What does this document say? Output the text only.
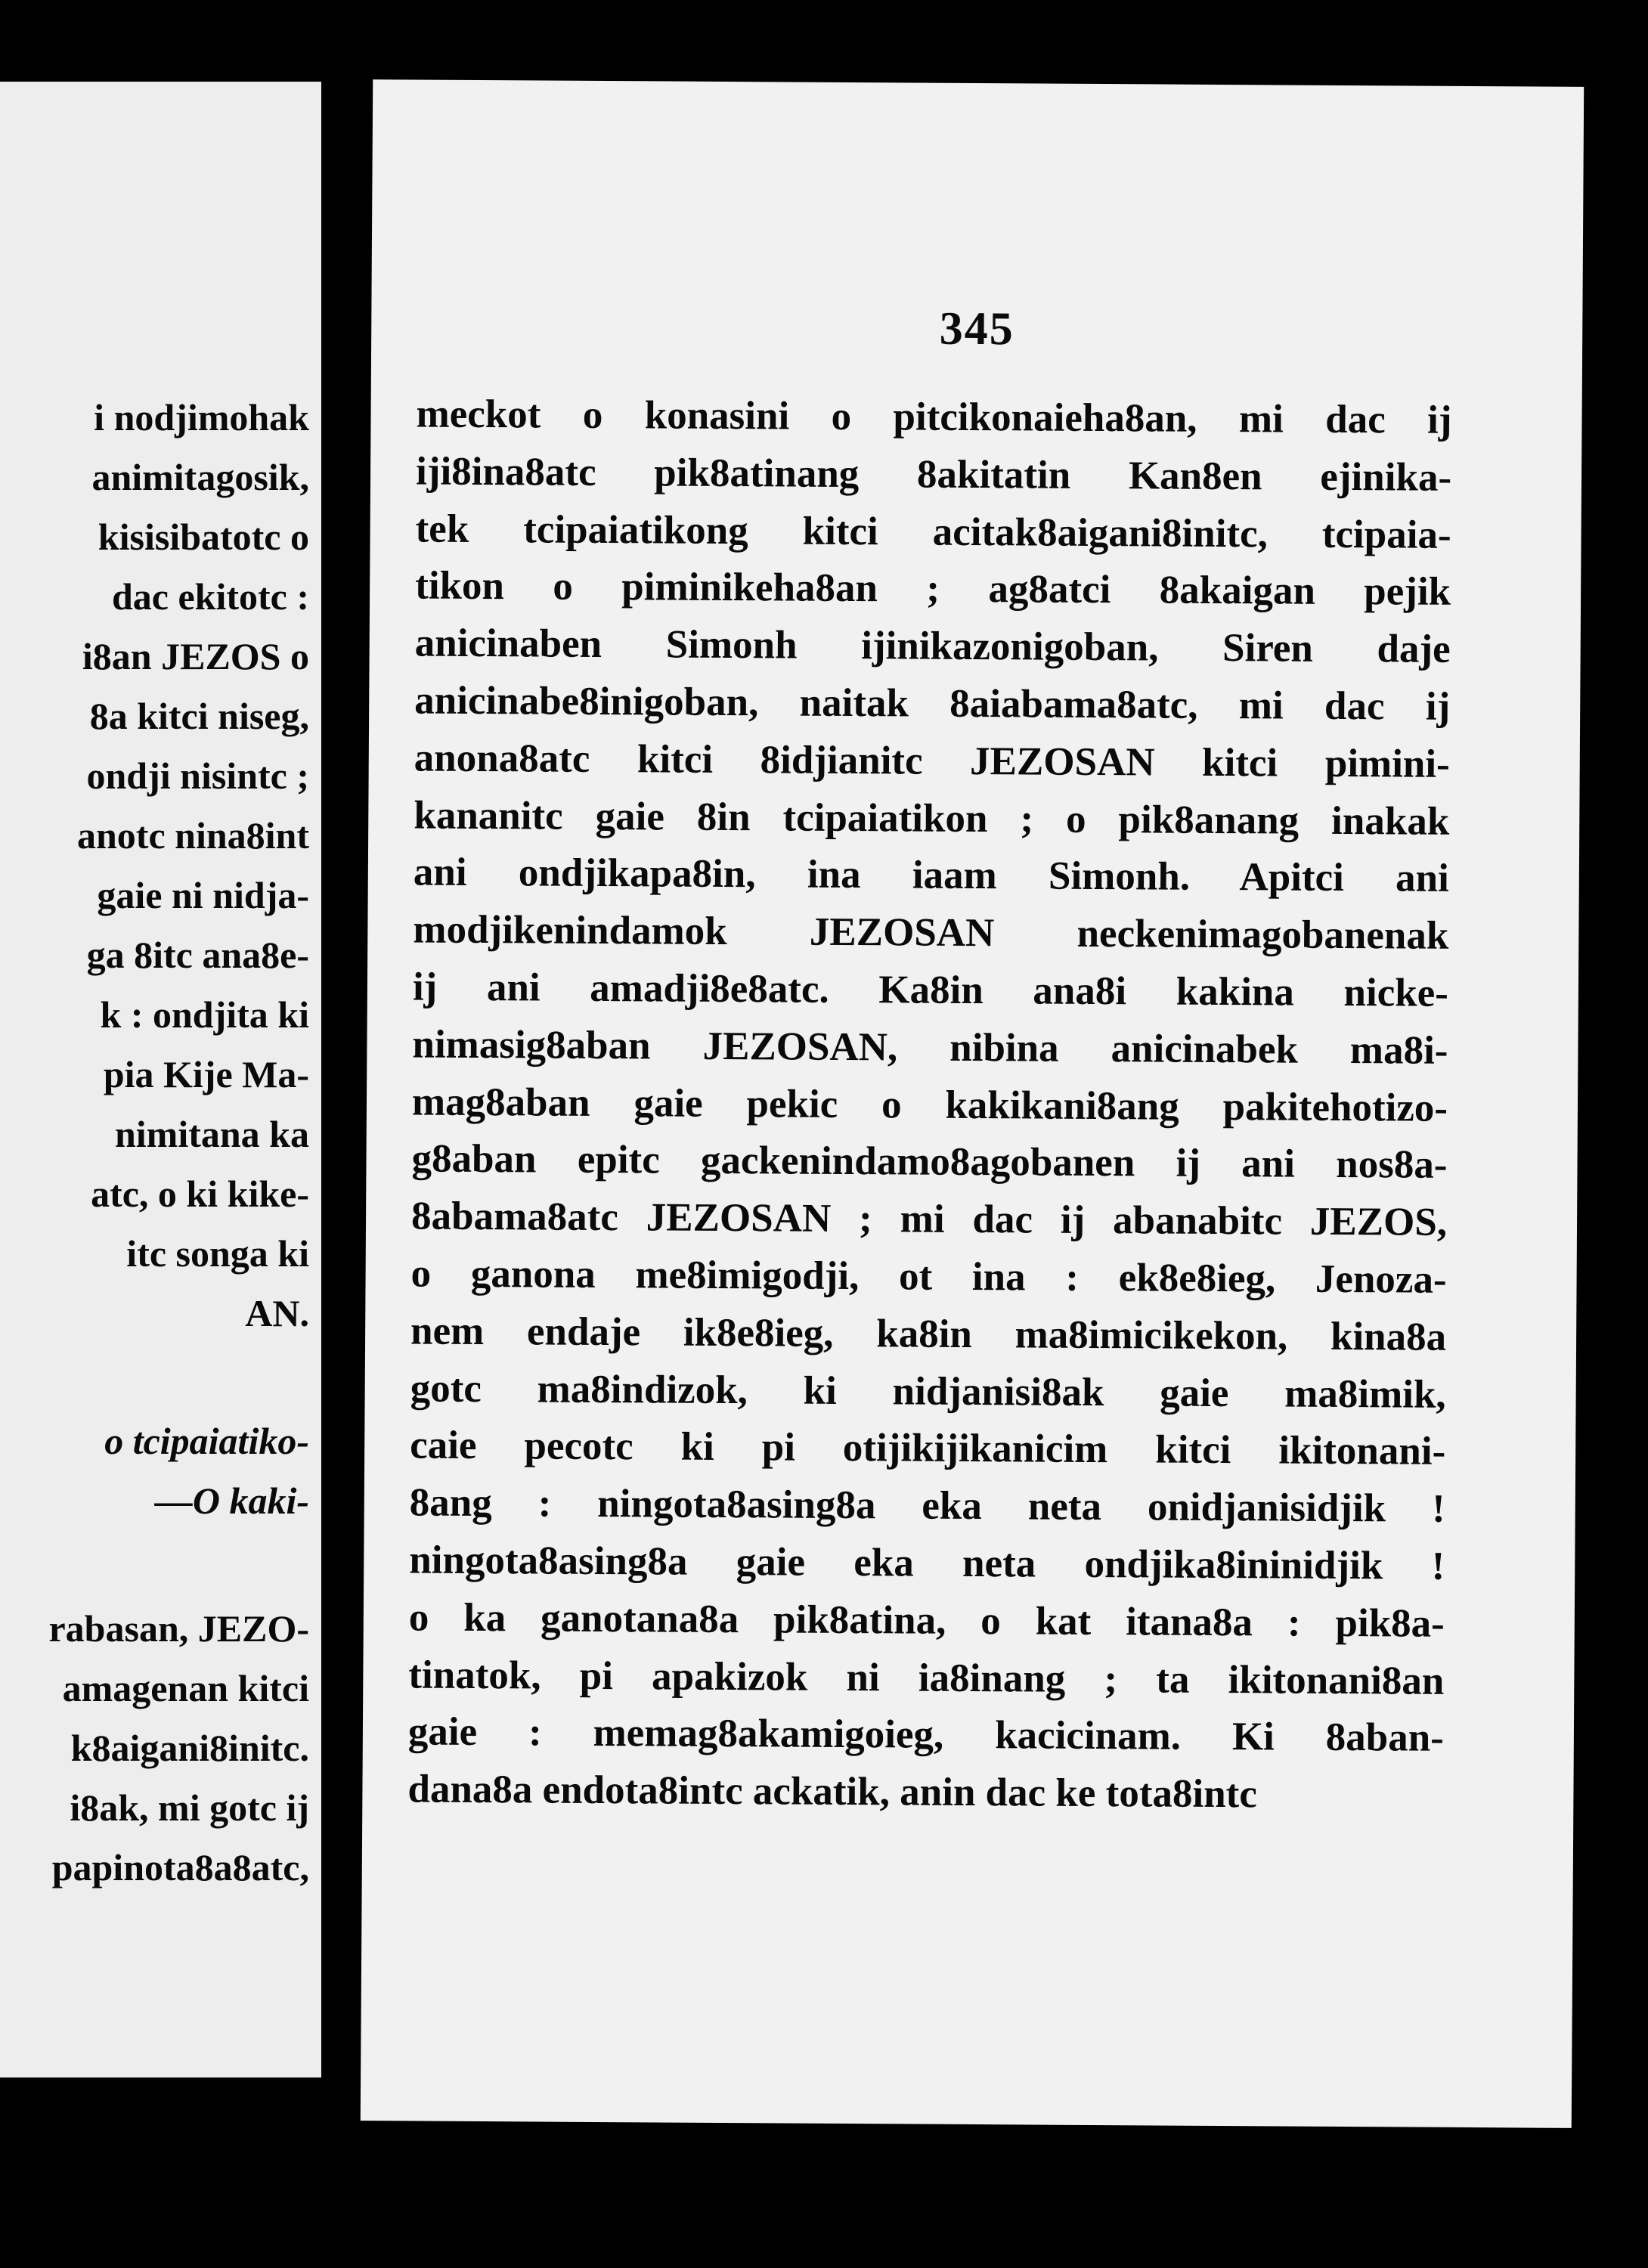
i nodjimohak
animitagosik,
kisisibatotc o
dac ekitotc :
i8an JEZOS o
8a kitci niseg,
ondji nisintc ;
anotc nina8int
gaie ni nidja-
ga 8itc ana8e-
k : ondjita ki
pia Kije Ma-
nimitana ka
atc, o ki kike-
itc songa ki
AN.
o tcipaiatiko-
—O kaki-
rabasan, JEZO-
amagenan kitci
k8aigani8initc.
i8ak, mi gotc ij
papinota8a8atc,
345
meckot o konasini o pitcikonaieha8an, mi dac ij
iji8ina8atc pik8atinang 8akitatin Kan8en ejinika-
tek tcipaiatikong kitci acitak8aigani8initc, tcipaia-
tikon o piminikeha8an ; ag8atci 8akaigan pejik
anicinaben Simonh ijinikazonigoban, Siren daje
anicinabe8inigoban, naitak 8aiabama8atc, mi dac ij
anona8atc kitci 8idjianitc JEZOSAN kitci pimini-
kananitc gaie 8in tcipaiatikon ; o pik8anang inakak
ani ondjikapa8in, ina iaam Simonh. Apitci ani
modjikenindamok JEZOSAN neckenimagobanenak
ij ani amadji8e8atc. Ka8in ana8i kakina nicke-
nimasig8aban JEZOSAN, nibina anicinabek ma8i-
mag8aban gaie pekic o kakikani8ang pakitehotizo-
g8aban epitc gackenindamo8agobanen ij ani nos8a-
8abama8atc JEZOSAN ; mi dac ij abanabitc JEZOS,
o ganona me8imigodji, ot ina : ek8e8ieg, Jenoza-
nem endaje ik8e8ieg, ka8in ma8imicikekon, kina8a
gotc ma8indizok, ki nidjanisi8ak gaie ma8imik,
caie pecotc ki pi otijikijikanicim kitci ikitonani-
8ang : ningota8asing8a eka neta onidjanisidjik !
ningota8asing8a gaie eka neta ondjika8ininidjik !
o ka ganotana8a pik8atina, o kat itana8a : pik8a-
tinatok, pi apakizok ni ia8inang ; ta ikitonani8an
gaie : memag8akamigoieg, kacicinam. Ki 8aban-
dana8a endota8intc ackatik, anin dac ke tota8intc
